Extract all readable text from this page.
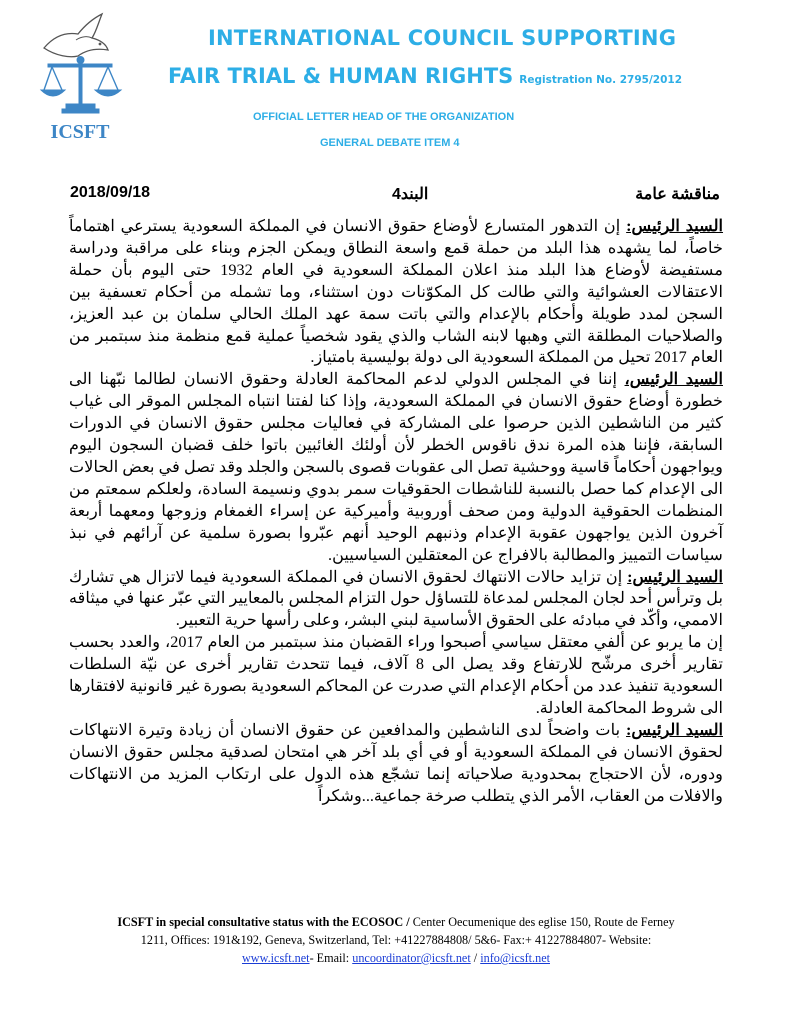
ICSFT
INTERNATIONAL COUNCIL SUPPORTING
FAIR TRIAL & HUMAN RIGHTS Registration No. 2795/2012
OFFICIAL LETTER HEAD OF THE ORGANIZATION
GENERAL DEBATE ITEM 4
2018/09/18	البند4	مناقشة عامة

السيد الرئيس: إن التدهور المتسارع لأوضاع حقوق الانسان في المملكة السعودية يسترعي اهتماماً خاصاً، لما يشهده هذا البلد من حملة قمع واسعة النطاق ويمكن الجزم وبناء على مراقبة ودراسة مستفيضة لأوضاع هذا البلد منذ اعلان المملكة السعودية في العام 1932 حتى اليوم بأن حملة الاعتقالات العشوائية والتي طالت كل المكوّنات دون استثناء، وما تشمله من أحكام تعسفية بين السجن لمدد طويلة وأحكام بالإعدام والتي باتت سمة عهد الملك الحالي سلمان بن عبد العزيز، والصلاحيات المطلقة التي وهبها لابنه الشاب والذي يقود شخصياً عملية قمع منظمة منذ سبتمبر من العام 2017 تحيل من المملكة السعودية الى دولة بوليسية بامتياز.

السيد الرئيس، إننا في المجلس الدولي لدعم المحاكمة العادلة وحقوق الانسان لطالما نبّهنا الى خطورة أوضاع حقوق الانسان في المملكة السعودية، وإذا كنا لفتنا انتباه المجلس الموقر الى غياب كثير من الناشطين الذين حرصوا على المشاركة في فعاليات مجلس حقوق الانسان في الدورات السابقة، فإننا هذه المرة ندق ناقوس الخطر لأن أولئك الغائبين باتوا خلف قضبان السجون اليوم ويواجهون أحكاماً قاسية ووحشية تصل الى عقوبات قصوى بالسجن والجلد وقد تصل في بعض الحالات الى الإعدام كما حصل بالنسبة للناشطات الحقوقيات سمر بدوي ونسيمة السادة، ولعلكم سمعتم من المنظمات الحقوقية الدولية ومن صحف أوروبية وأميركية عن إسراء الغمغام وزوجها ومعهما أربعة آخرون الذين يواجهون عقوبة الإعدام وذنبهم الوحيد أنهم عبّروا بصورة سلمية عن آرائهم في نبذ سياسات التمييز والمطالبة بالافراج عن المعتقلين السياسيين.

السيد الرئيس: إن تزايد حالات الانتهاك لحقوق الانسان في المملكة السعودية فيما لاتزال هي تشارك بل وترأس أحد لجان المجلس لمدعاة للتساؤل حول التزام المجلس بالمعايير التي عبّر عنها في ميثاقه الاممي، وأكّد في مبادئه على الحقوق الأساسية لبني البشر، وعلى رأسها حرية التعبير.

إن ما يربو عن ألفي معتقل سياسي أصبحوا وراء القضبان منذ سبتمبر من العام 2017، والعدد بحسب تقارير أخرى مرشّح للارتفاع وقد يصل الى 8 آلاف، فيما تتحدث تقارير أخرى عن نيّة السلطات السعودية تنفيذ عدد من أحكام الإعدام التي صدرت عن المحاكم السعودية بصورة غير قانونية لافتقارها الى شروط المحاكمة العادلة.

السيد الرئيس: بات واضحاً لدى الناشطين والمدافعين عن حقوق الانسان أن زيادة وتيرة الانتهاكات لحقوق الانسان في المملكة السعودية أو في أي بلد آخر هي امتحان لصدقية مجلس حقوق الانسان ودوره، لأن الاحتجاج بمحدودية صلاحياته إنما تشجّع هذه الدول على ارتكاب المزيد من الانتهاكات والافلات من العقاب، الأمر الذي يتطلب صرخة جماعية...وشكراً

ICSFT in special consultative status with the ECOSOC / Center Oecumenique des eglise 150, Route de Ferney
1211, Offices: 191&192, Geneva, Switzerland, Tel: +41227884808/ 5&6- Fax:+ 41227884807- Website:
www.icsft.net- Email: uncoordinator@icsft.net / info@icsft.net
